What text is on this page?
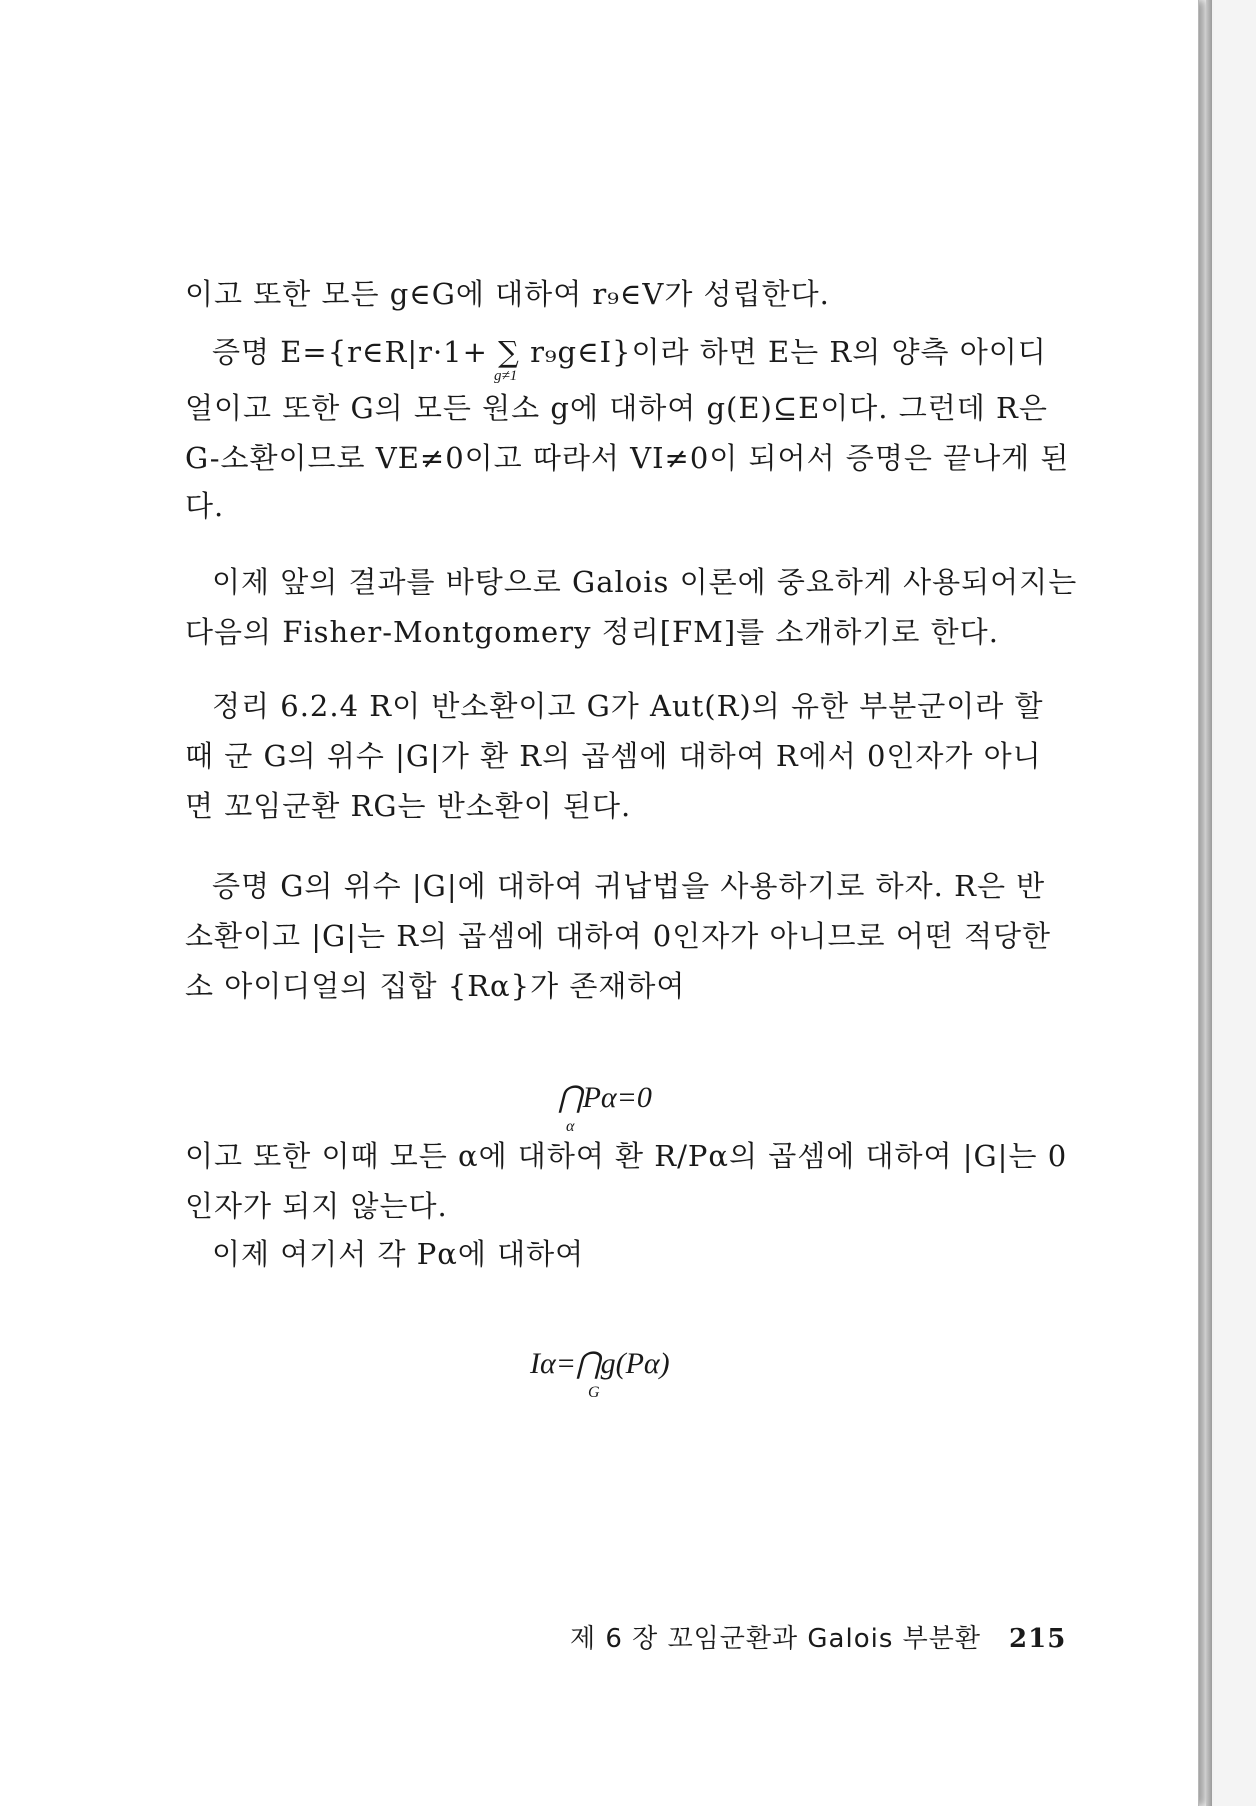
이고 또한 모든 g∈G에 대하여 r₉∈V가 성립한다.
증명 E={r∈R|r·1+ ∑ r₉g∈I}이라 하면 E는 R의 양측 아이디
g≠1
얼이고 또한 G의 모든 원소 g에 대하여 g(E)⊆E이다. 그런데 R은
G-소환이므로 VE≠0이고 따라서 VI≠0이 되어서 증명은 끝나게 된
다.
이제 앞의 결과를 바탕으로 Galois 이론에 중요하게 사용되어지는
다음의 Fisher-Montgomery 정리[FM]를 소개하기로 한다.
정리 6.2.4 R이 반소환이고 G가 Aut(R)의 유한 부분군이라 할
때 군 G의 위수 |G|가 환 R의 곱셈에 대하여 R에서 0인자가 아니
면 꼬임군환 RG는 반소환이 된다.
증명 G의 위수 |G|에 대하여 귀납법을 사용하기로 하자. R은 반
소환이고 |G|는 R의 곱셈에 대하여 0인자가 아니므로 어떤 적당한
소 아이디얼의 집합 {Rα}가 존재하여
⋂Pα=0
α
이고 또한 이때 모든 α에 대하여 환 R/Pα의 곱셈에 대하여 |G|는 0
인자가 되지 않는다.
이제 여기서 각 Pα에 대하여
Iα=⋂g(Pα)
G
제 6 장 꼬임군환과 Galois 부분환 215
